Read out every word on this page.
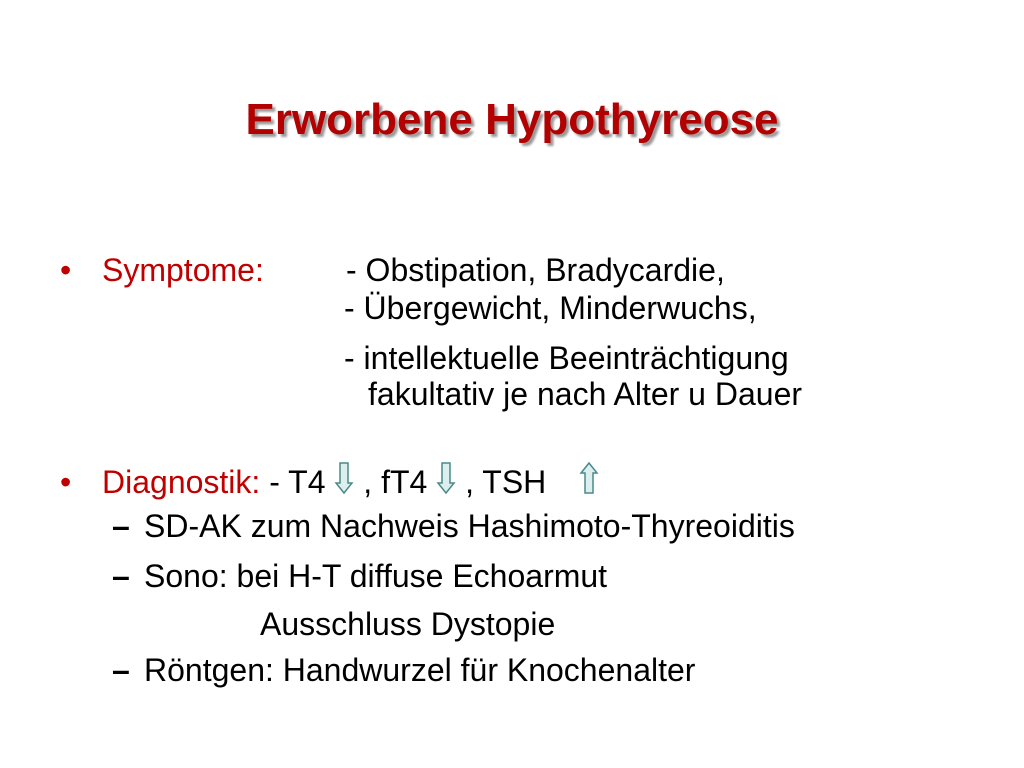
Erworbene Hypothyreose
• Symptome:	- Obstipation, Bradycardie,
- Übergewicht, Minderwuchs,
- intellektuelle Beeinträchtigung
fakultativ je nach Alter u Dauer
• Diagnostik: - T4 , fT4 , TSH
– SD-AK zum Nachweis Hashimoto-Thyreoiditis
– Sono: bei H-T diffuse Echoarmut
Ausschluss Dystopie
– Röntgen: Handwurzel für Knochenalter
